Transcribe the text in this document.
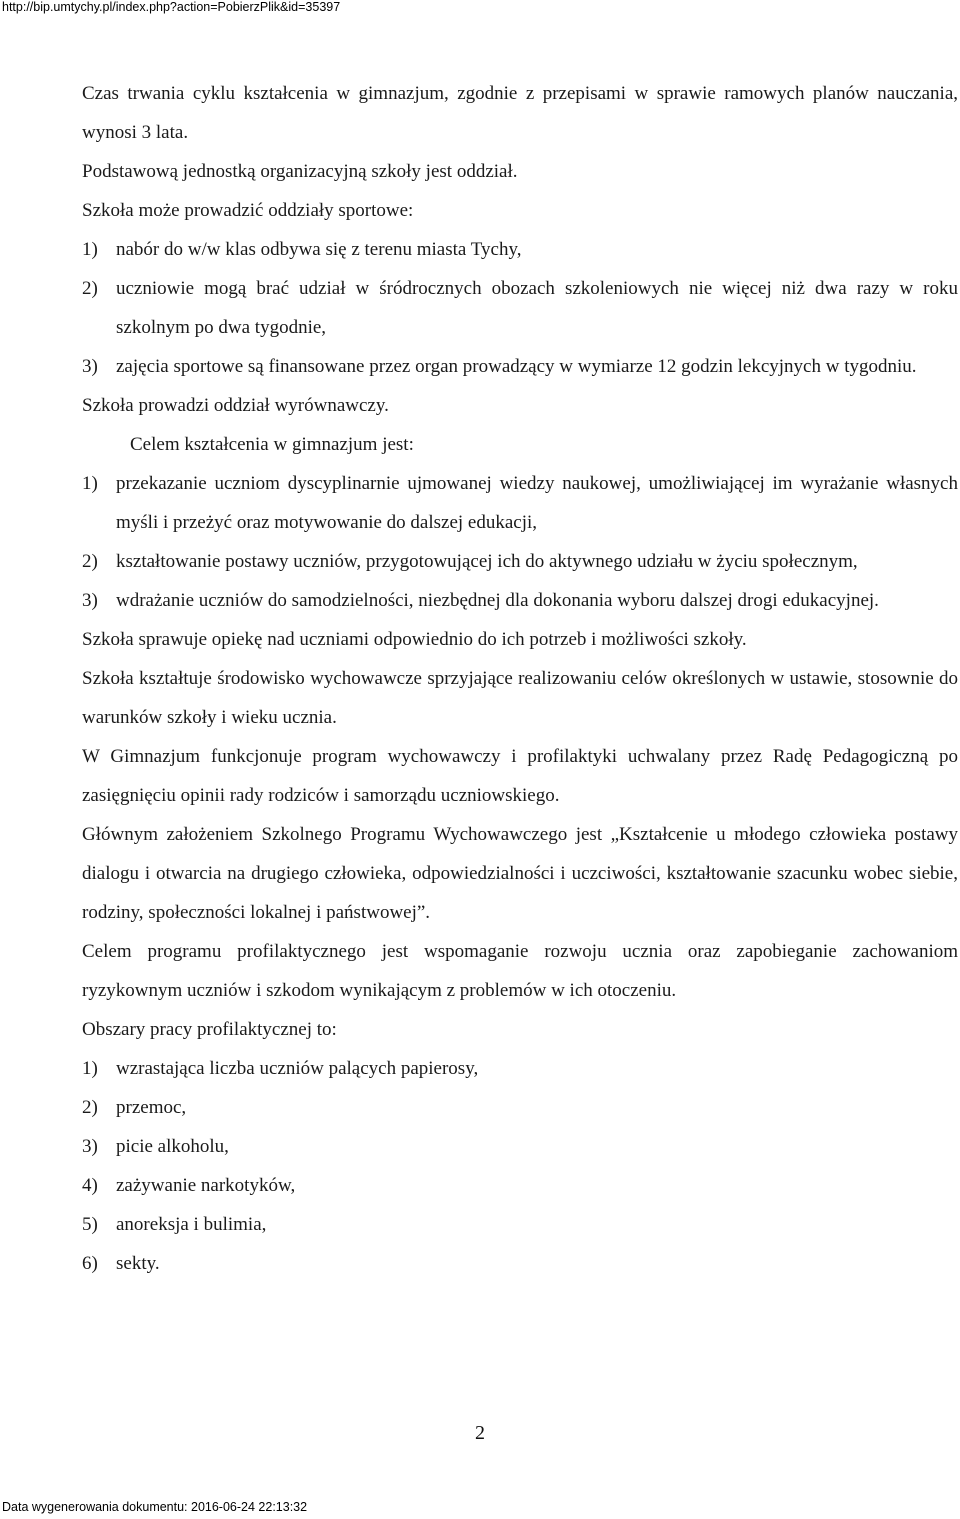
http://bip.umtychy.pl/index.php?action=PobierzPlik&id=35397

Czas trwania cyklu kształcenia w gimnazjum, zgodnie z przepisami w sprawie ramowych planów nauczania, wynosi 3 lata.

Podstawową jednostką organizacyjną szkoły jest oddział.

Szkoła może prowadzić oddziały sportowe:

1) nabór do w/w klas odbywa się z terenu miasta Tychy,
2) uczniowie mogą brać udział w śródrocznych obozach szkoleniowych nie więcej niż dwa razy w roku szkolnym po dwa tygodnie,
3) zajęcia sportowe są finansowane przez organ prowadzący w wymiarze 12 godzin lekcyjnych w tygodniu.

Szkoła prowadzi oddział wyrównawczy.

Celem kształcenia w gimnazjum jest:

1) przekazanie uczniom dyscyplinarnie ujmowanej wiedzy naukowej, umożliwiającej im wyrażanie własnych myśli i przeżyć oraz motywowanie do dalszej edukacji,
2) kształtowanie postawy uczniów, przygotowującej ich do aktywnego udziału w życiu społecznym,
3) wdrażanie uczniów do samodzielności, niezbędnej dla dokonania wyboru dalszej drogi edukacyjnej.

Szkoła sprawuje opiekę nad uczniami odpowiednio do ich potrzeb i możliwości szkoły.

Szkoła kształtuje środowisko wychowawcze sprzyjające realizowaniu celów określonych w ustawie, stosownie do warunków szkoły i wieku ucznia.

W Gimnazjum funkcjonuje program wychowawczy i profilaktyki uchwalany przez Radę Pedagogiczną po zasięgnięciu opinii rady rodziców i samorządu uczniowskiego.

Głównym założeniem Szkolnego Programu Wychowawczego jest „Kształcenie u młodego człowieka postawy dialogu i otwarcia na drugiego człowieka, odpowiedzialności i uczciwości, kształtowanie szacunku wobec siebie, rodziny, społeczności lokalnej i państwowej”.

Celem programu profilaktycznego jest wspomaganie rozwoju ucznia oraz zapobieganie zachowaniom ryzykownym uczniów i szkodom wynikającym z problemów w ich otoczeniu.

Obszary pracy profilaktycznej to:

1) wzrastająca liczba uczniów palących papierosy,
2) przemoc,
3) picie alkoholu,
4) zażywanie narkotyków,
5) anoreksja i bulimia,
6) sekty.
2
Data wygenerowania dokumentu: 2016-06-24 22:13:32
